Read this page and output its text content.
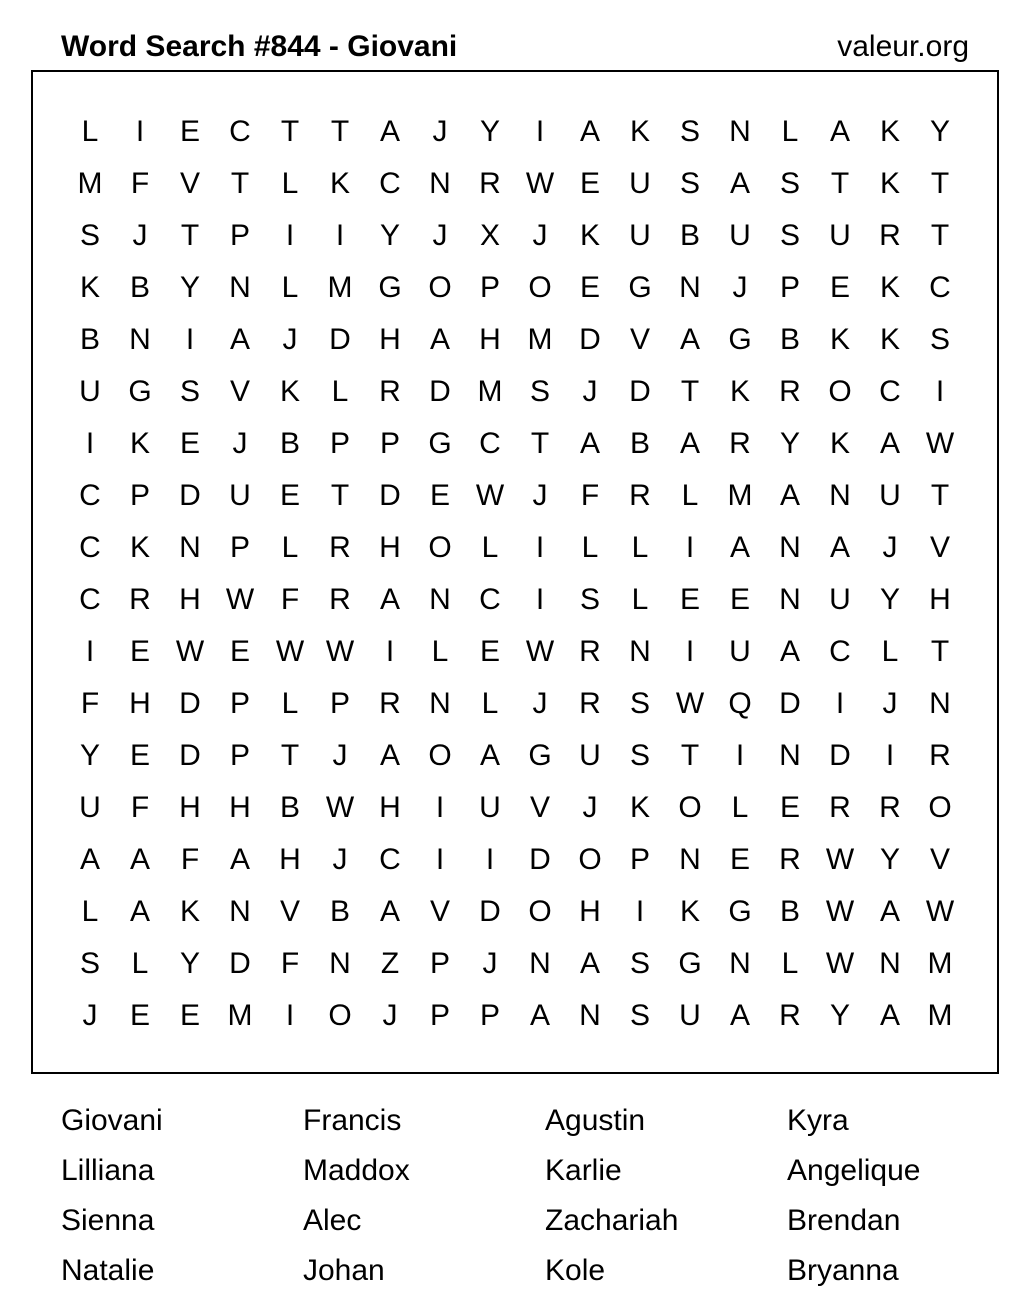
Word Search #844 - Giovani	valeur.org
L	I	E C	T	T	A	J	Y	I	A K S N	L	A K Y
M F	V	T	L	K C N R W E U S A S	T	K	T
S	J	T	P	I	I	Y	J	X	J	K U B U S U R	T
K B Y N	L M G O P O E G N	J	P E K C
B N	I	A	J	D H A H M D V A G B K K S
U G S V K	L	R D M S	J	D	T	K R O C	I
I	K E	J	B P P G C	T	A B A R Y K A W
C P D U E	T	D E W J	F	R	L M A N U	T
C K N P	L	R H O L	I	L	L	I	A N A	J	V
C R H W F	R A N C	I	S	L	E E N U Y H
I	E W E W W	I	L	E W R N	I	U A C	L	T
F	H D P	L	P R N	L	J	R S W Q D	I	J	N
Y E D P	T	J	A O A G U S	T	I	N D	I	R
U	F	H H B W H	I	U V	J	K O L	E R R O
A A	F	A H	J	C	I	I	D O P N E R W Y V
L	A K N V B A V D O H	I	K G B W A W
S	L	Y D	F	N	Z	P	J	N A S G N	L W N M
J	E E M	I	O	J	P P A N S U A R Y A M
Giovani	Francis	Agustin	Kyra
Lilliana	Maddox	Karlie	Angelique
Sienna	Alec	Zachariah	Brendan
Natalie	Johan	Kole	Bryanna
